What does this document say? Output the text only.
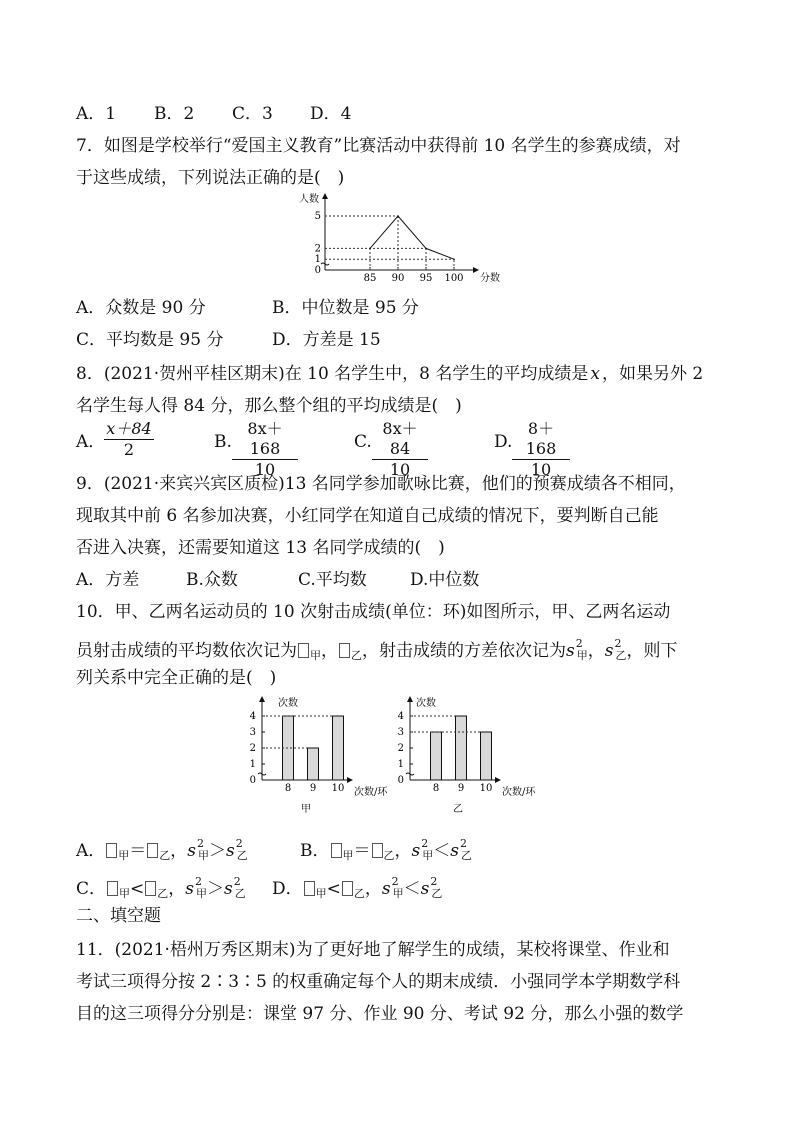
A．1 B．2 C．3 D．4
7．如图是学校举行“爱国主义教育”比赛活动中获得前 10 名学生的参赛成绩，对
于这些成绩，下列说法正确的是(　)
人数
分数
0
1
2
5
85 90 95 100
A．众数是 90 分	B．中位数是 95 分
C．平均数是 95 分	D．方差是 15
8．(2021·贺州平桂区期末)在 10 名学生中，8 名学生的平均成绩是 x ，如果另外 2
名学生每人得 84 分，那么整个组的平均成绩是(　)
A．
$\frac{x+84}{2}$	B. $\frac{8x+168}{10}$	C. $\frac{8x+84}{10}$	D. $\frac{8+168}{10}$
9．(2021·来宾兴宾区质检)13 名同学参加歌咏比赛，他们的预赛成绩各不相同，
现取其中前 6 名参加决赛，小红同学在知道自己成绩的情况下，要判断自己能
否进入决赛，还需要知道这 13 名同学成绩的(　)
A．方差	B.众数	C.平均数	D.中位数
10．甲、乙两名运动员的 10 次射击成绩(单位：环)如图所示，甲、乙两名运动
员射击成绩的平均数依次记为 $_甲$， $_乙$，射击成绩的方差依次记为$s^2_甲$，$s^2_乙$，则下
列关系中完全正确的是(　)
次数
次数/环
甲
0
1
2
3
4
8 9 10
次数
次数/环
乙
0
1
2
3
4
8 9 10
A． $_甲$＝ $_乙$，$s^2_甲>s^2_乙$	B． $_甲$＝ $_乙$，$s^2_甲<s^2_乙$
C． $_甲$< $_乙$，$s^2_甲>s^2_乙$ D． $_甲$< $_乙$，$s^2_甲<s^2_乙$
二、填空题
11．(2021·梧州万秀区期末)为了更好地了解学生的成绩，某校将课堂、作业和
考试三项得分按 2∶3∶5 的权重确定每个人的期末成绩．小强同学本学期数学科
目的这三项得分分别是：课堂 97 分、作业 90 分、考试 92 分，那么小强的数学
